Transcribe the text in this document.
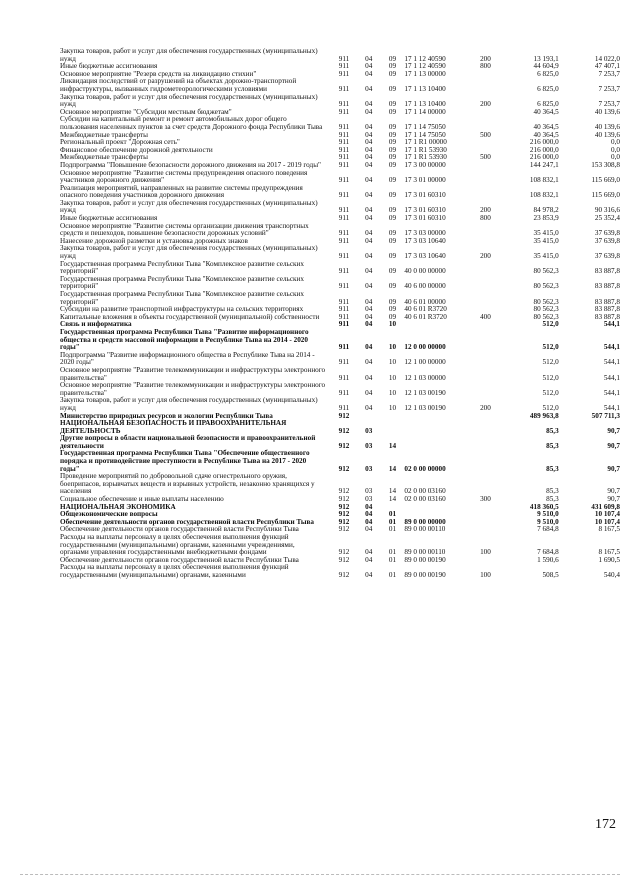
Закупка товаров, работ и услуг для обеспечения государственных (муниципальных) нужд	911	04	09	17 1 12 40590	200	13 193,1	14 022,0
Иные бюджетные ассигнования	911	04	09	17 1 12 40590	800	44 604,9	47 407,1
Основное мероприятие "Резерв средств на ликвидацию стихии"	911	04	09	17 1 13 00000	6 825,0	7 253,7
Ликвидация последствий от разрушений на объектах дорожно-транспортной инфраструктуры, вызванных гидрометеорологическими условиями	911	04	09	17 1 13 10400	6 825,0	7 253,7
Закупка товаров, работ и услуг для обеспечения государственных (муниципальных) нужд	911	04	09	17 1 13 10400	200	6 825,0	7 253,7
Основное мероприятие "Субсидии местным бюджетам"	911	04	09	17 1 14 00000	40 364,5	40 139,6
Субсидии на капитальный ремонт и ремонт автомобильных дорог общего пользования населенных пунктов за счет средств Дорожного фонда Республики Тыва	911	04	09	17 1 14 75050	40 364,5	40 139,6
Межбюджетные трансферты	911	04	09	17 1 14 75050	500	40 364,5	40 139,6
Региональный проект "Дорожная сеть"	911	04	09	17 1 R1 00000	216 000,0	0,0
Финансовое обеспечение дорожной деятельности	911	04	09	17 1 R1 53930	216 000,0	0,0
Межбюджетные трансферты	911	04	09	17 1 R1 53930	500	216 000,0	0,0
Подпрограмма "Повышение безопасности дорожного движения на 2017 - 2019 годы"	911	04	09	17 3 00 00000	144 247,1	153 308,8
Основное мероприятие "Развитие системы предупреждения опасного поведения участников дорожного движения"	911	04	09	17 3 01 00000	108 832,1	115 669,0
Реализация мероприятий, направленных на развитие системы предупреждения опасного поведения участников дорожного движения	911	04	09	17 3 01 60310	108 832,1	115 669,0
Закупка товаров, работ и услуг для обеспечения государственных (муниципальных) нужд	911	04	09	17 3 01 60310	200	84 978,2	90 316,6
Иные бюджетные ассигнования	911	04	09	17 3 01 60310	800	23 853,9	25 352,4
Основное мероприятие "Развитие системы организации движения транспортных средств и пешеходов, повышение безопасности дорожных условий"	911	04	09	17 3 03 00000	35 415,0	37 639,8
Нанесение дорожной разметки и установка дорожных знаков	911	04	09	17 3 03 10640	35 415,0	37 639,8
Закупка товаров, работ и услуг для обеспечения государственных (муниципальных) нужд	911	04	09	17 3 03 10640	200	35 415,0	37 639,8
Государственная программа Республики Тыва "Комплексное развитие сельских территорий"	911	04	09	40 0 00 00000	80 562,3	83 887,8
Государственная программа Республики Тыва "Комплексное развитие сельских территорий"	911	04	09	40 6 00 00000	80 562,3	83 887,8
Государственная программа Республики Тыва "Комплексное развитие сельских территорий"	911	04	09	40 6 01 00000	80 562,3	83 887,8
Субсидии на развитие транспортной инфраструктуры на сельских территориях	911	04	09	40 6 01 R3720	80 562,3	83 887,8
Капитальные вложения в объекты государственной (муниципальной) собственности	911	04	09	40 6 01 R3720	400	80 562,3	83 887,8
Связь и информатика	911	04	10	512,0	544,1
Государственная программа Республики Тыва "Развитие информационного общества и средств массовой информации в Республике Тыва на 2014 - 2020 годы"	911	04	10	12 0 00 00000	512,0	544,1
Подпрограмма "Развитие информационного общества в Республике Тыва на 2014 - 2020 годы"	911	04	10	12 1 00 00000	512,0	544,1
Основное мероприятие "Развитие телекоммуникации и инфраструктуры электронного правительства"	911	04	10	12 1 03 00000	512,0	544,1
Основное мероприятие "Развитие телекоммуникации и инфраструктуры электронного правительства"	911	04	10	12 1 03 00190	512,0	544,1
Закупка товаров, работ и услуг для обеспечения государственных (муниципальных) нужд	911	04	10	12 1 03 00190	200	512,0	544,1
Министерство природных ресурсов и экологии Республики Тыва	912	489 963,8	507 711,3
НАЦИОНАЛЬНАЯ БЕЗОПАСНОСТЬ И ПРАВООХРАНИТЕЛЬНАЯ ДЕЯТЕЛЬНОСТЬ	912	03	85,3	90,7
Другие вопросы в области национальной безопасности и правоохранительной деятельности	912	03	14	85,3	90,7
Государственная программа Республики Тыва "Обеспечение общественного порядка и противодействие преступности в Республике Тыва на 2017 - 2020 годы"	912	03	14	02 0 00 00000	85,3	90,7
Проведение мероприятий по добровольной сдаче огнестрельного оружия, боеприпасов, взрывчатых веществ и взрывных устройств, незаконно хранящихся у населения	912	03	14	02 0 00 03160	85,3	90,7
Социальное обеспечение и иные выплаты населению	912	03	14	02 0 00 03160	300	85,3	90,7
НАЦИОНАЛЬНАЯ ЭКОНОМИКА	912	04	418 360,5	431 609,8
Общеэкономические вопросы	912	04	01	9 510,0	10 107,4
Обеспечение деятельности органов государственной власти Республики Тыва	912	04	01	89 0 00 00000	9 510,0	10 107,4
Обеспечение деятельности органов государственной власти Республики Тыва	912	04	01	89 0 00 00110	7 684,8	8 167,5
Расходы на выплаты персоналу в целях обеспечения выполнения функций государственными (муниципальными) органами, казенными учреждениями, органами управления государственными внебюджетными фондами	912	04	01	89 0 00 00110	100	7 684,8	8 167,5
Обеспечение деятельности органов государственной власти Республики Тыва	912	04	01	89 0 00 00190	1 590,6	1 690,5
Расходы на выплаты персоналу в целях обеспечения выполнения функций государственными (муниципальными) органами, казенными	912	04	01	89 0 00 00190	100	508,5	540,4
172
